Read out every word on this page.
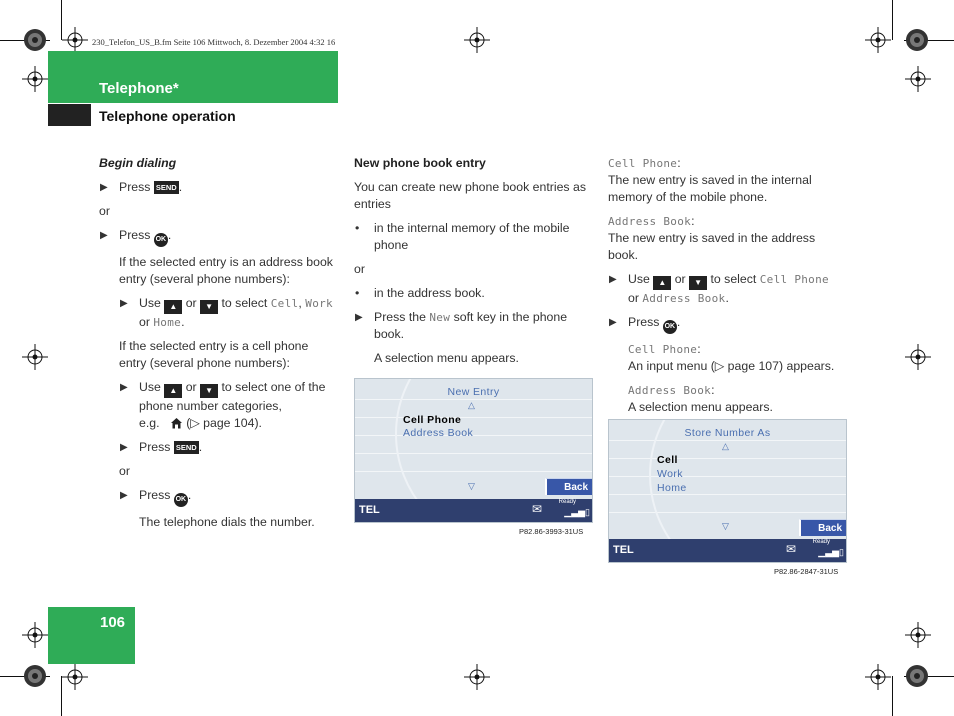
230_Telefon_US_B.fm Seite 106 Mittwoch, 8. Dezember 2004 4:32 16
Telephone*
Telephone operation
106
Begin dialing
▶ Press SEND .
or
▶ Press OK .
If the selected entry is an address book entry (several phone numbers):
▶ Use ▲ or ▼ to select Cell, Work or Home.
If the selected entry is a cell phone entry (several phone numbers):
▶ Use ▲ or ▼ to select one of the phone number categories,
e.g. (▷ page 104).
▶ Press SEND .
or
▶ Press OK .
The telephone dials the number.
New phone book entry
You can create new phone book entries as entries
• in the internal memory of the mobile phone
or
• in the address book.
▶ Press the New soft key in the phone book.
A selection menu appears.
New Entry
△
Cell Phone
Address Book
▽	Back
TEL	✉	Ready
▁▃▅▯
P82.86-3993-31US
Cell Phone:
The new entry is saved in the internal memory of the mobile phone.
Address Book:
The new entry is saved in the address book.
▶ Use ▲ or ▼ to select Cell Phone
or Address Book.
▶ Press OK .
Cell Phone:
An input menu (▷ page 107) appears.
Address Book:
A selection menu appears.
Store Number As
△
Cell
Work
Home
▽	Back
TEL	✉	Ready
▁▃▅▯
P82.86-2847-31US
